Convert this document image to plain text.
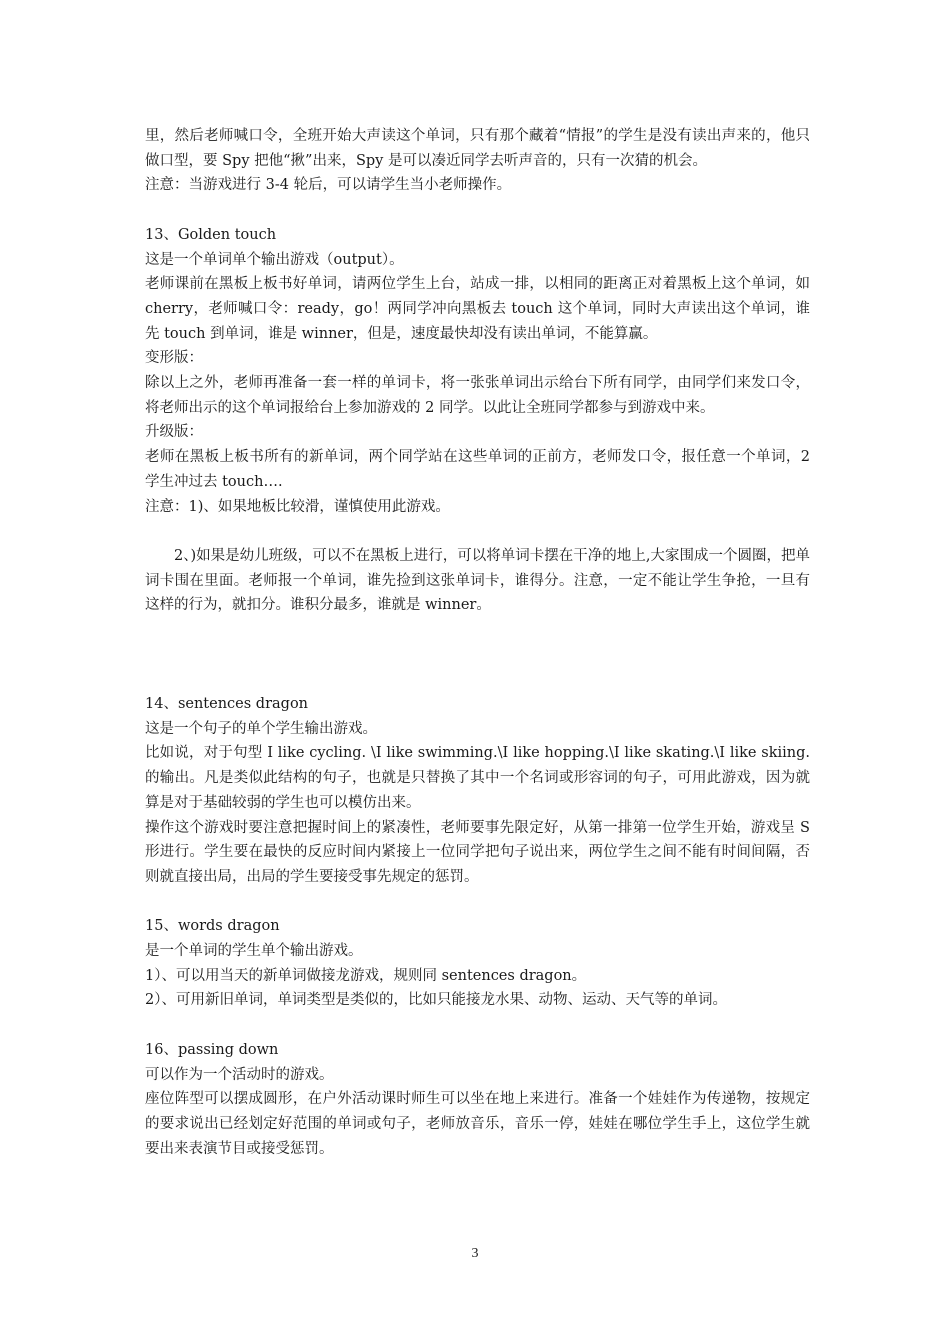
里，然后老师喊口令，全班开始大声读这个单词，只有那个藏着“情报”的学生是没有读出声来的，他只做口型，要 Spy 把他“揪”出来，Spy 是可以凑近同学去听声音的，只有一次猜的机会。

注意：当游戏进行 3-4 轮后，可以请学生当小老师操作。

13、Golden touch

这是一个单词单个输出游戏（output）。

老师课前在黑板上板书好单词，请两位学生上台，站成一排，以相同的距离正对着黑板上这个单词，如 cherry，老师喊口令：ready，go！两同学冲向黑板去 touch 这个单词，同时大声读出这个单词，谁先 touch 到单词，谁是 winner，但是，速度最快却没有读出单词，不能算赢。

变形版：

除以上之外，老师再准备一套一样的单词卡，将一张张单词出示给台下所有同学，由同学们来发口令，将老师出示的这个单词报给台上参加游戏的 2 同学。以此让全班同学都参与到游戏中来。

升级版：

老师在黑板上板书所有的新单词，两个同学站在这些单词的正前方，老师发口令，报任意一个单词，2 学生冲过去 touch….

注意：1)、如果地板比较滑，谨慎使用此游戏。

2、)如果是幼儿班级，可以不在黑板上进行，可以将单词卡摆在干净的地上,大家围成一个圆圈，把单词卡围在里面。老师报一个单词，谁先捡到这张单词卡，谁得分。注意，一定不能让学生争抢，一旦有这样的行为，就扣分。谁积分最多，谁就是 winner。

14、sentences dragon

这是一个句子的单个学生输出游戏。

比如说，对于句型 I like cycling. \I like swimming.\I like hopping.\I like skating.\I like skiing.的输出。凡是类似此结构的句子，也就是只替换了其中一个名词或形容词的句子，可用此游戏，因为就算是对于基础较弱的学生也可以模仿出来。

操作这个游戏时要注意把握时间上的紧凑性，老师要事先限定好，从第一排第一位学生开始，游戏呈 S 形进行。学生要在最快的反应时间内紧接上一位同学把句子说出来，两位学生之间不能有时间间隔，否则就直接出局，出局的学生要接受事先规定的惩罚。

15、words dragon

是一个单词的学生单个输出游戏。

1）、可以用当天的新单词做接龙游戏，规则同 sentences dragon。

2）、可用新旧单词，单词类型是类似的，比如只能接龙水果、动物、运动、天气等的单词。

16、passing down

可以作为一个活动时的游戏。

座位阵型可以摆成圆形，在户外活动课时师生可以坐在地上来进行。准备一个娃娃作为传递物，按规定的要求说出已经划定好范围的单词或句子，老师放音乐，音乐一停，娃娃在哪位学生手上，这位学生就要出来表演节目或接受惩罚。

3
